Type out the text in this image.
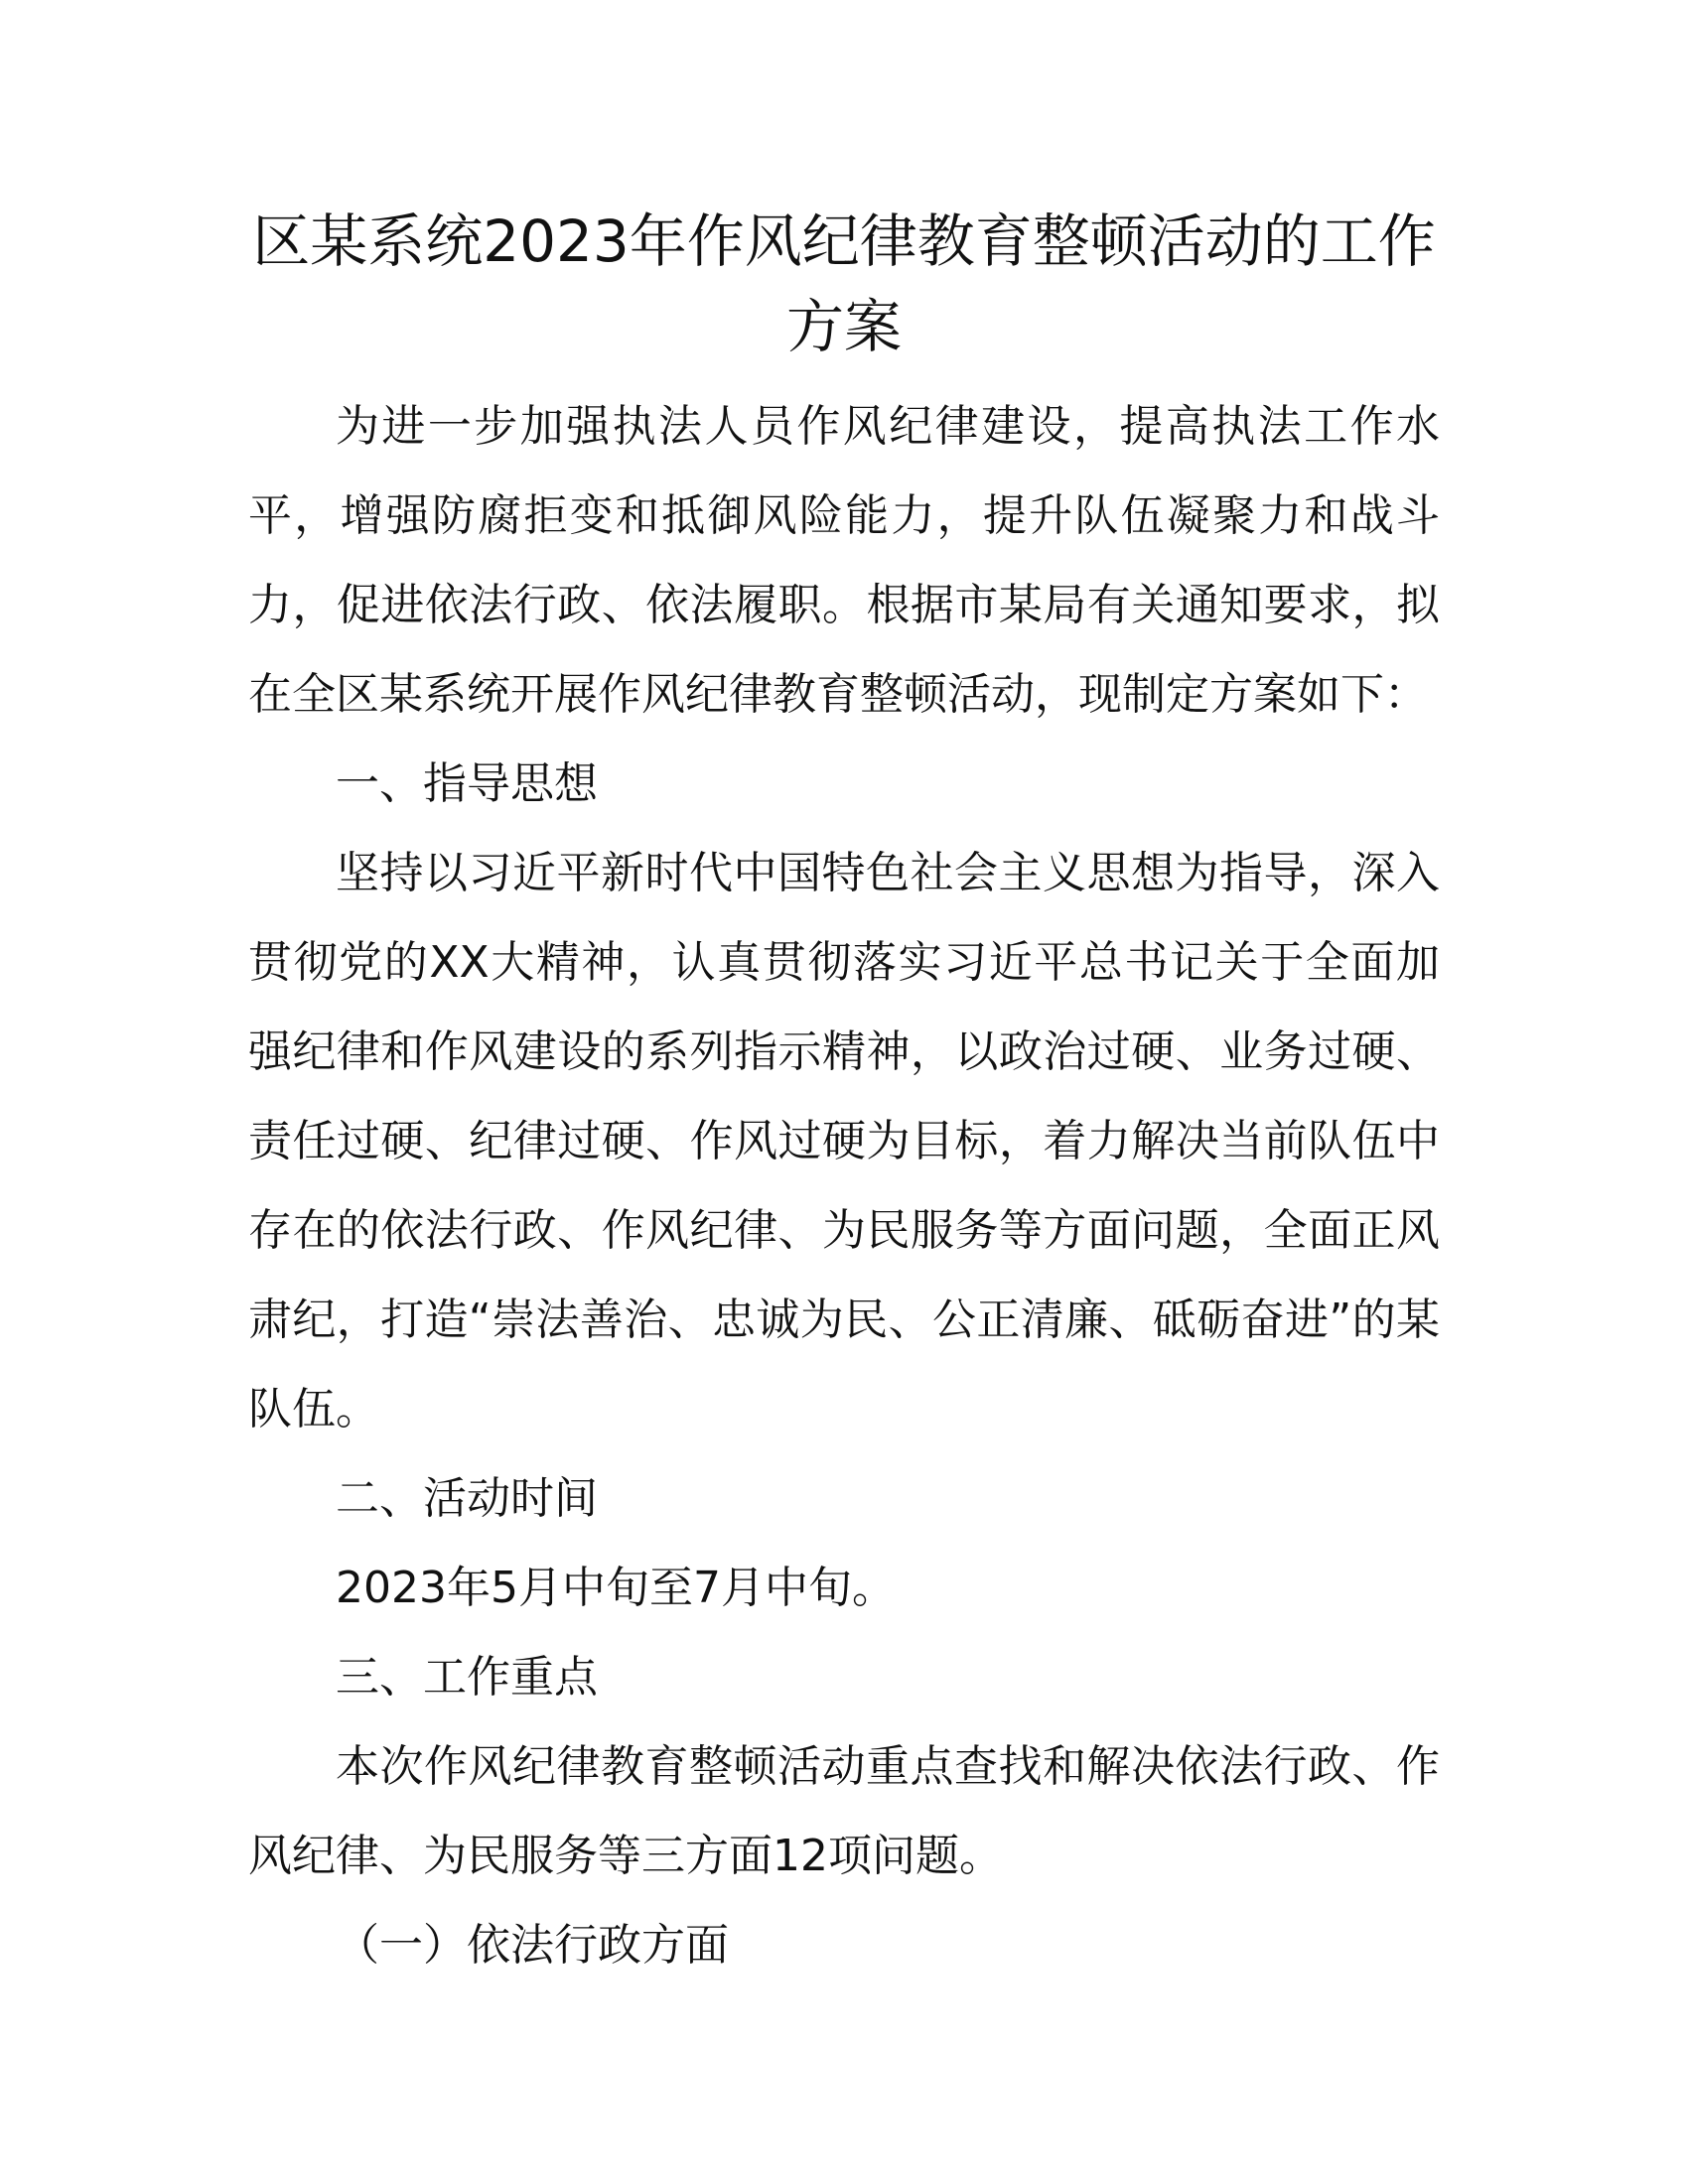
区某系统2023年作风纪律教育整顿活动的工作
方案

为进一步加强执法人员作风纪律建设，提高执法工作水平，增强防腐拒变和抵御风险能力，提升队伍凝聚力和战斗力，促进依法行政、依法履职。根据市某局有关通知要求，拟在全区某系统开展作风纪律教育整顿活动，现制定方案如下：

一、指导思想

坚持以习近平新时代中国特色社会主义思想为指导，深入贯彻党的XX大精神，认真贯彻落实习近平总书记关于全面加强纪律和作风建设的系列指示精神，以政治过硬、业务过硬、责任过硬、纪律过硬、作风过硬为目标，着力解决当前队伍中存在的依法行政、作风纪律、为民服务等方面问题，全面正风肃纪，打造“崇法善治、忠诚为民、公正清廉、砥砺奋进”的某队伍。

二、活动时间

2023年5月中旬至7月中旬。

三、工作重点

本次作风纪律教育整顿活动重点查找和解决依法行政、作风纪律、为民服务等三方面12项问题。

（一）依法行政方面
